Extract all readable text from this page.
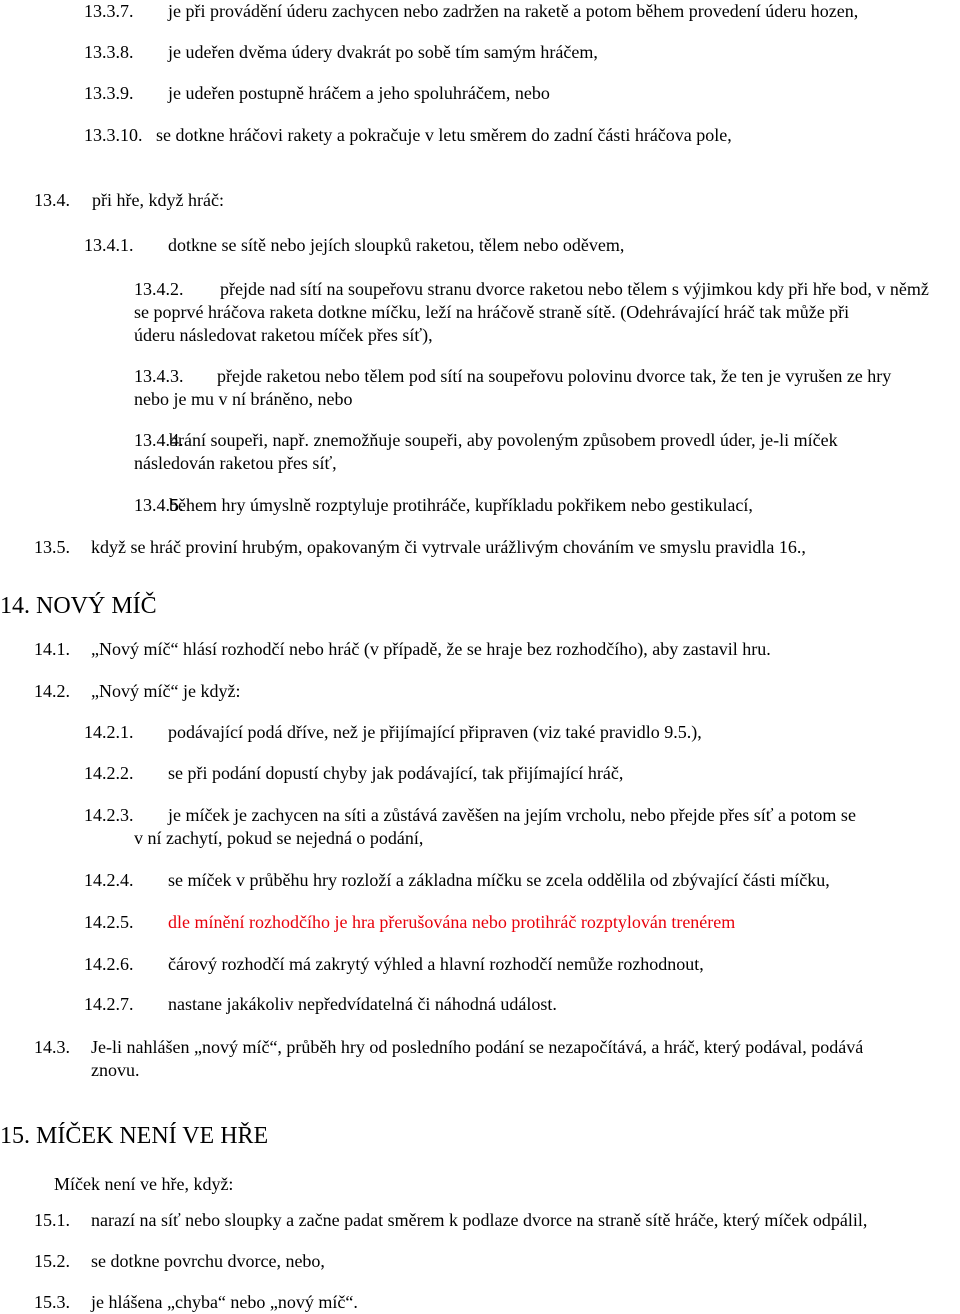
13.3.7. je při provádění úderu zachycen nebo zadržen na raketě a potom během provedení úderu hozen,
13.3.8. je udeřen dvěma údery dvakrát po sobě tím samým hráčem,
13.3.9. je udeřen postupně hráčem a jeho spoluhráčem, nebo
13.3.10. se dotkne hráčovi rakety a pokračuje v letu směrem do zadní části hráčova pole,
13.4. při hře, když hráč:
13.4.1. dotkne se sítě nebo jejích sloupků raketou, tělem nebo oděvem,
13.4.2. přejde nad sítí na soupeřovu stranu dvorce raketou nebo tělem s výjimkou kdy při hře bod, v němž
se poprvé hráčova raketa dotkne míčku, leží na hráčově straně sítě. (Odehrávající hráč tak může při
úderu následovat raketou míček přes síť),
13.4.3. přejde raketou nebo tělem pod sítí na soupeřovu polovinu dvorce tak, že ten je vyrušen ze hry
nebo je mu v ní bráněno, nebo
13.4.4.
brání soupeři, např. znemožňuje soupeři, aby povoleným způsobem provedl úder, je-li míček
následován raketou přes síť,
13.4.5.
během hry úmyslně rozptyluje protihráče, kupříkladu pokřikem nebo gestikulací,
13.5. když se hráč proviní hrubým, opakovaným či vytrvale urážlivým chováním ve smyslu pravidla 16.,
14. NOVÝ MÍČ
14.1. „Nový míč“ hlásí rozhodčí nebo hráč (v případě, že se hraje bez rozhodčího), aby zastavil hru.
14.2. „Nový míč“ je když:
14.2.1. podávající podá dříve, než je přijímající připraven (viz také pravidlo 9.5.),
14.2.2. se při podání dopustí chyby jak podávající, tak přijímající hráč,
14.2.3. je míček je zachycen na síti a zůstává zavěšen na jejím vrcholu, nebo přejde přes síť a potom se
v ní zachytí, pokud se nejedná o podání,
14.2.4. se míček v průběhu hry rozloží a základna míčku se zcela oddělila od zbývající části míčku,
14.2.5. dle mínění rozhodčího je hra přerušována nebo protihráč rozptylován trenérem
14.2.6. čárový rozhodčí má zakrytý výhled a hlavní rozhodčí nemůže rozhodnout,
14.2.7. nastane jakákoliv nepředvídatelná či náhodná událost.
14.3. Je-li nahlášen „nový míč“, průběh hry od posledního podání se nezapočítává, a hráč, který podával, podává
znovu.
15. MÍČEK NENÍ VE HŘE
Míček není ve hře, když:
15.1. narazí na síť nebo sloupky a začne padat směrem k podlaze dvorce na straně sítě hráče, který míček odpálil,
15.2. se dotkne povrchu dvorce, nebo,
15.3. je hlášena „chyba“ nebo „nový míč“.
